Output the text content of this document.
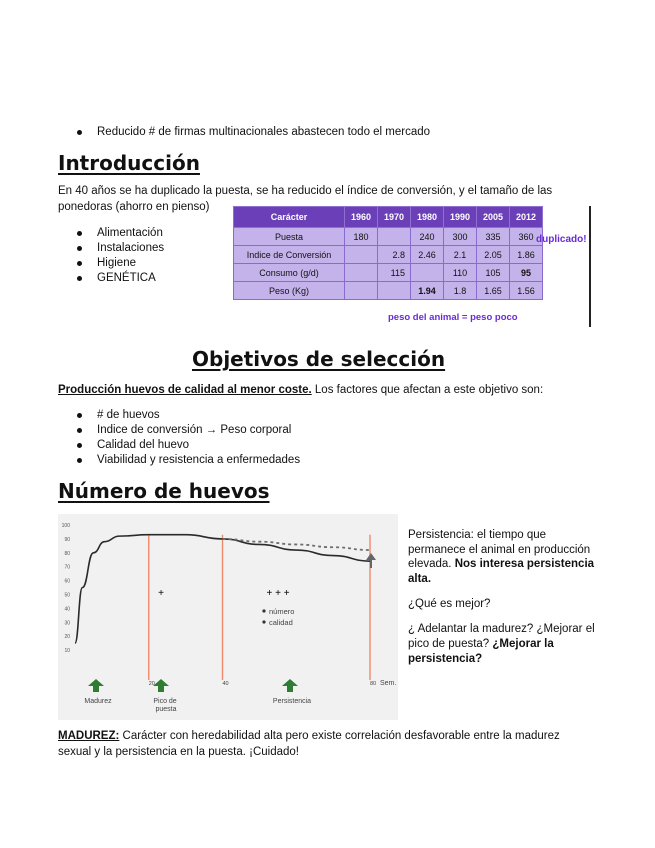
Reducido # de firmas multinacionales abastecen todo el mercado
Introducción

En 40 años se ha duplicado la puesta, se ha reducido el índice de conversión, y el tamaño de las ponedoras (ahorro en pienso)

Alimentación
Instalaciones
Higiene
GENÉTICA
Carácter	1960	1970	1980	1990	2005	2012
Puesta	180		240	300	335	360
Indice de Conversión		2.8	2.46	2.1	2.05	1.86
Consumo (g/d)		115		110	105	95
Peso (Kg)			1.94	1.8	1.65	1.56
duplicado!
peso del animal = peso poco
Objetivos de selección

Producción huevos de calidad al menor coste. Los factores que afectan a este objetivo son:

# de huevos
Indice de conversión → Peso corporal
Calidad del huevo
Viabilidad y resistencia a enfermedades
Número de huevos
100
90
80
70
60
50
40
30
20
10
20	40	80
+	+ + +
número
calidad
Madurez	Pico de puesta
Persistencia
Sem.
Persistencia: el tiempo que permanece el animal en producción elevada. Nos interesa persistencia alta.

¿Qué es mejor?

¿ Adelantar la madurez? ¿Mejorar el pico de puesta? ¿Mejorar la persistencia?

MADUREZ: Carácter con heredabilidad alta pero existe correlación desfavorable entre la madurez sexual y la persistencia en la puesta. ¡Cuidado!
